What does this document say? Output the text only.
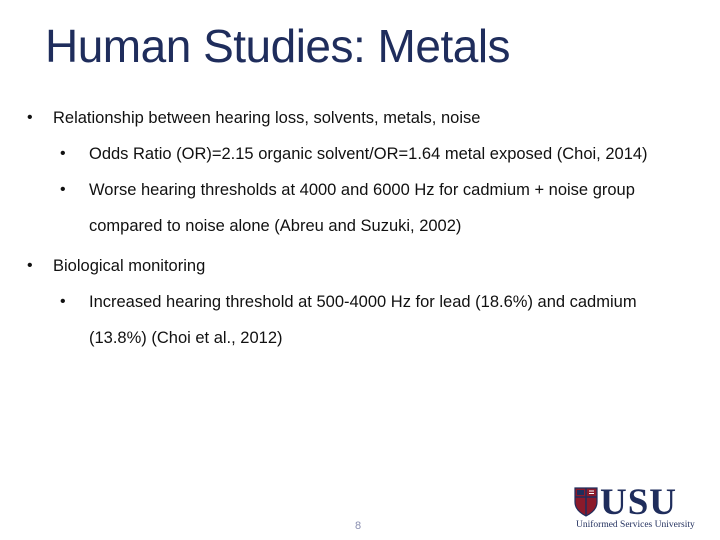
Human Studies: Metals
• Relationship between hearing loss, solvents, metals, noise
• Odds Ratio (OR)=2.15 organic solvent/OR=1.64 metal exposed (Choi, 2014)
• Worse hearing thresholds at 4000 and 6000 Hz for cadmium + noise group compared to noise alone (Abreu and Suzuki, 2002)
• Biological monitoring
• Increased hearing threshold at 500-4000 Hz for lead (18.6%) and cadmium (13.8%) (Choi et al., 2012)
8
USU
Uniformed Services University
